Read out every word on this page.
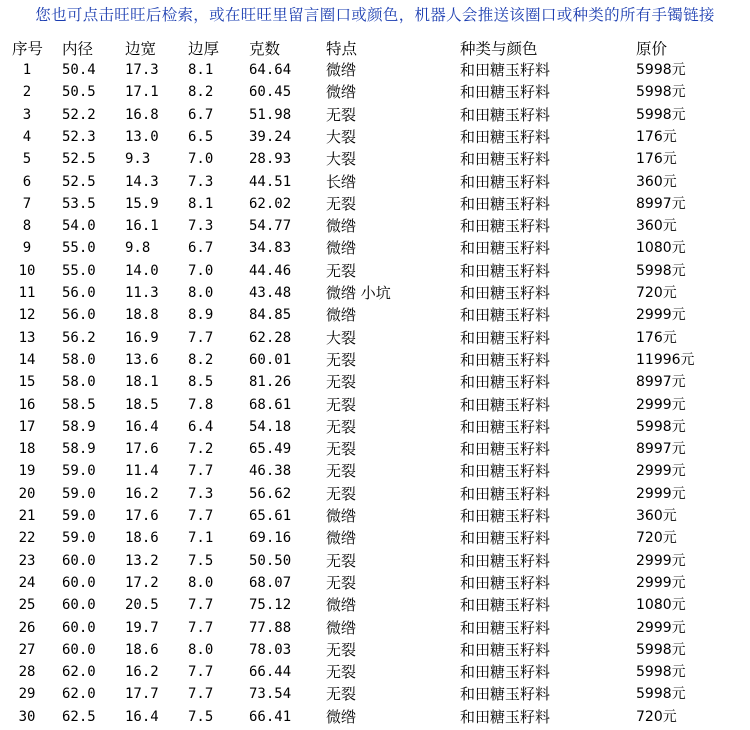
您也可点击旺旺后检索，或在旺旺里留言圈口或颜色，机器人会推送该圈口或种类的所有手镯链接
序号 内径 边宽 边厚 克数	特点	种类与颜色	原价
1	50.4 17.3 8.1	64.64 微绺	和田糖玉籽料	5998元
2	50.5 17.1 8.2	60.45 微绺	和田糖玉籽料	5998元
3	52.2 16.8 6.7	51.98 无裂	和田糖玉籽料	5998元
4	52.3 13.0 6.5	39.24 大裂	和田糖玉籽料	176元
5	52.5 9.3	7.0	28.93 大裂	和田糖玉籽料	176元
6	52.5 14.3 7.3	44.51 长绺	和田糖玉籽料	360元
7	53.5 15.9 8.1	62.02 无裂	和田糖玉籽料	8997元
8	54.0 16.1 7.3	54.77 微绺	和田糖玉籽料	360元
9	55.0 9.8	6.7	34.83 微绺	和田糖玉籽料	1080元
10	55.0 14.0 7.0	44.46 无裂	和田糖玉籽料	5998元
11	56.0 11.3 8.0	43.48 微绺 小坑	和田糖玉籽料	720元
12	56.0 18.8 8.9	84.85 微绺	和田糖玉籽料	2999元
13	56.2 16.9 7.7	62.28 大裂	和田糖玉籽料	176元
14	58.0 13.6 8.2	60.01 无裂	和田糖玉籽料	11996元
15	58.0 18.1 8.5	81.26 无裂	和田糖玉籽料	8997元
16	58.5 18.5 7.8	68.61 无裂	和田糖玉籽料	2999元
17	58.9 16.4 6.4	54.18 无裂	和田糖玉籽料	5998元
18	58.9 17.6 7.2	65.49 无裂	和田糖玉籽料	8997元
19	59.0 11.4 7.7	46.38 无裂	和田糖玉籽料	2999元
20	59.0 16.2 7.3	56.62 无裂	和田糖玉籽料	2999元
21	59.0 17.6 7.7	65.61 微绺	和田糖玉籽料	360元
22	59.0 18.6 7.1	69.16 微绺	和田糖玉籽料	720元
23	60.0 13.2 7.5	50.50 无裂	和田糖玉籽料	2999元
24	60.0 17.2 8.0	68.07 无裂	和田糖玉籽料	2999元
25	60.0 20.5 7.7	75.12 微绺	和田糖玉籽料	1080元
26	60.0 19.7 7.7	77.88 微绺	和田糖玉籽料	2999元
27	60.0 18.6 8.0	78.03 无裂	和田糖玉籽料	5998元
28	62.0 16.2 7.7	66.44 无裂	和田糖玉籽料	5998元
29	62.0 17.7 7.7	73.54 无裂	和田糖玉籽料	5998元
30	62.5 16.4 7.5	66.41 微绺	和田糖玉籽料	720元
